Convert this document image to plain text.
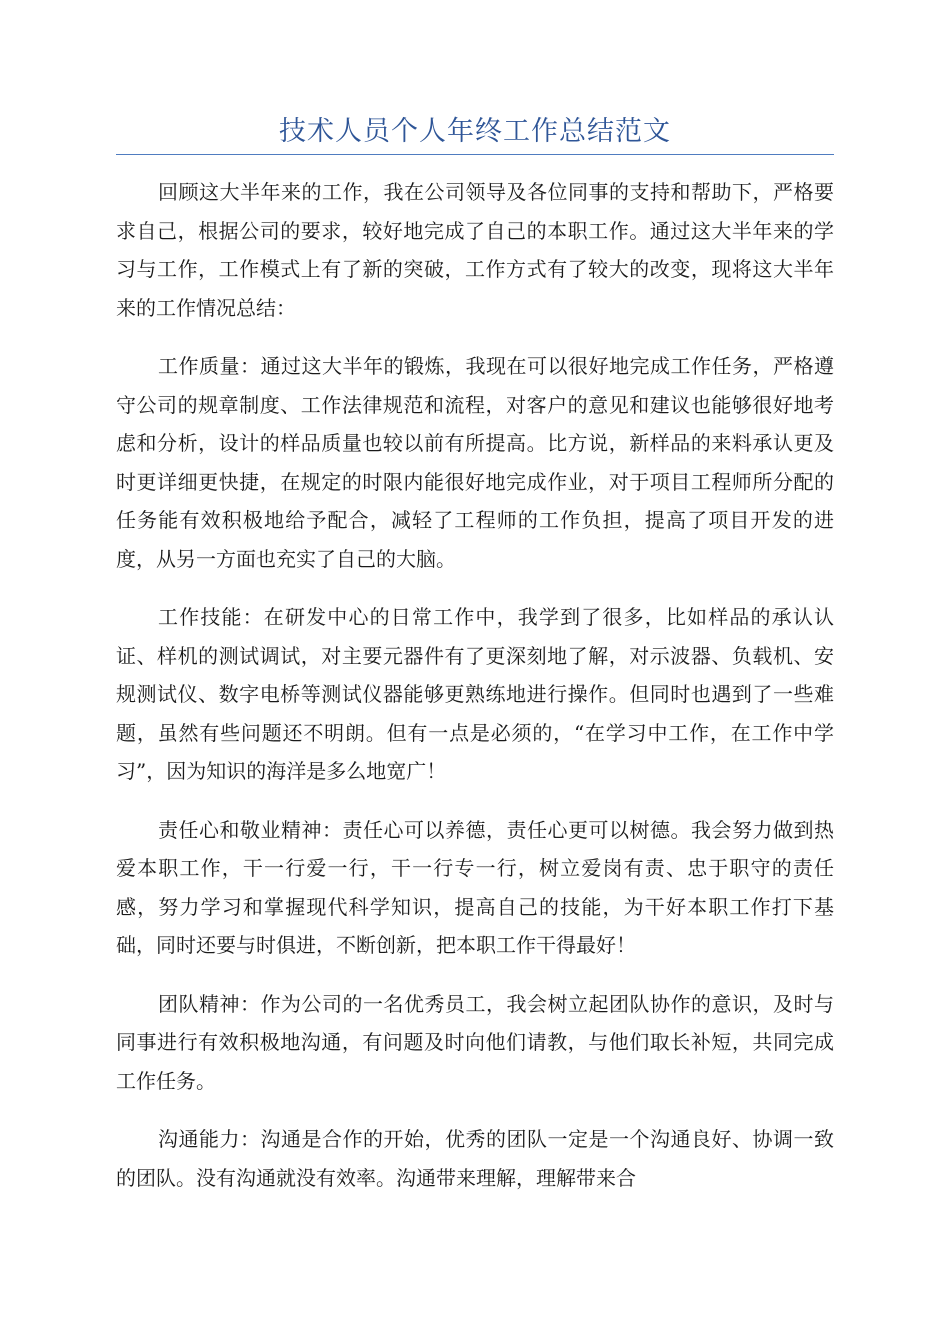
技术人员个人年终工作总结范文

回顾这大半年来的工作，我在公司领导及各位同事的支持和帮助下，严格要求自己，根据公司的要求，较好地完成了自己的本职工作。通过这大半年来的学习与工作，工作模式上有了新的突破，工作方式有了较大的改变，现将这大半年来的工作情况总结：

工作质量：通过这大半年的锻炼，我现在可以很好地完成工作任务，严格遵守公司的规章制度、工作法律规范和流程，对客户的意见和建议也能够很好地考虑和分析，设计的样品质量也较以前有所提高。比方说，新样品的来料承认更及时更详细更快捷，在规定的时限内能很好地完成作业，对于项目工程师所分配的任务能有效积极地给予配合，减轻了工程师的工作负担，提高了项目开发的进度，从另一方面也充实了自己的大脑。

工作技能：在研发中心的日常工作中，我学到了很多，比如样品的承认认证、样机的测试调试，对主要元器件有了更深刻地了解，对示波器、负载机、安规测试仪、数字电桥等测试仪器能够更熟练地进行操作。但同时也遇到了一些难题，虽然有些问题还不明朗。但有一点是必须的，“在学习中工作，在工作中学习”，因为知识的海洋是多么地宽广！

责任心和敬业精神：责任心可以养德，责任心更可以树德。我会努力做到热爱本职工作，干一行爱一行，干一行专一行，树立爱岗有责、忠于职守的责任感，努力学习和掌握现代科学知识，提高自己的技能，为干好本职工作打下基础，同时还要与时俱进，不断创新，把本职工作干得最好！

团队精神：作为公司的一名优秀员工，我会树立起团队协作的意识，及时与同事进行有效积极地沟通，有问题及时向他们请教，与他们取长补短，共同完成工作任务。

沟通能力：沟通是合作的开始，优秀的团队一定是一个沟通良好、协调一致的团队。没有沟通就没有效率。沟通带来理解，理解带来合
